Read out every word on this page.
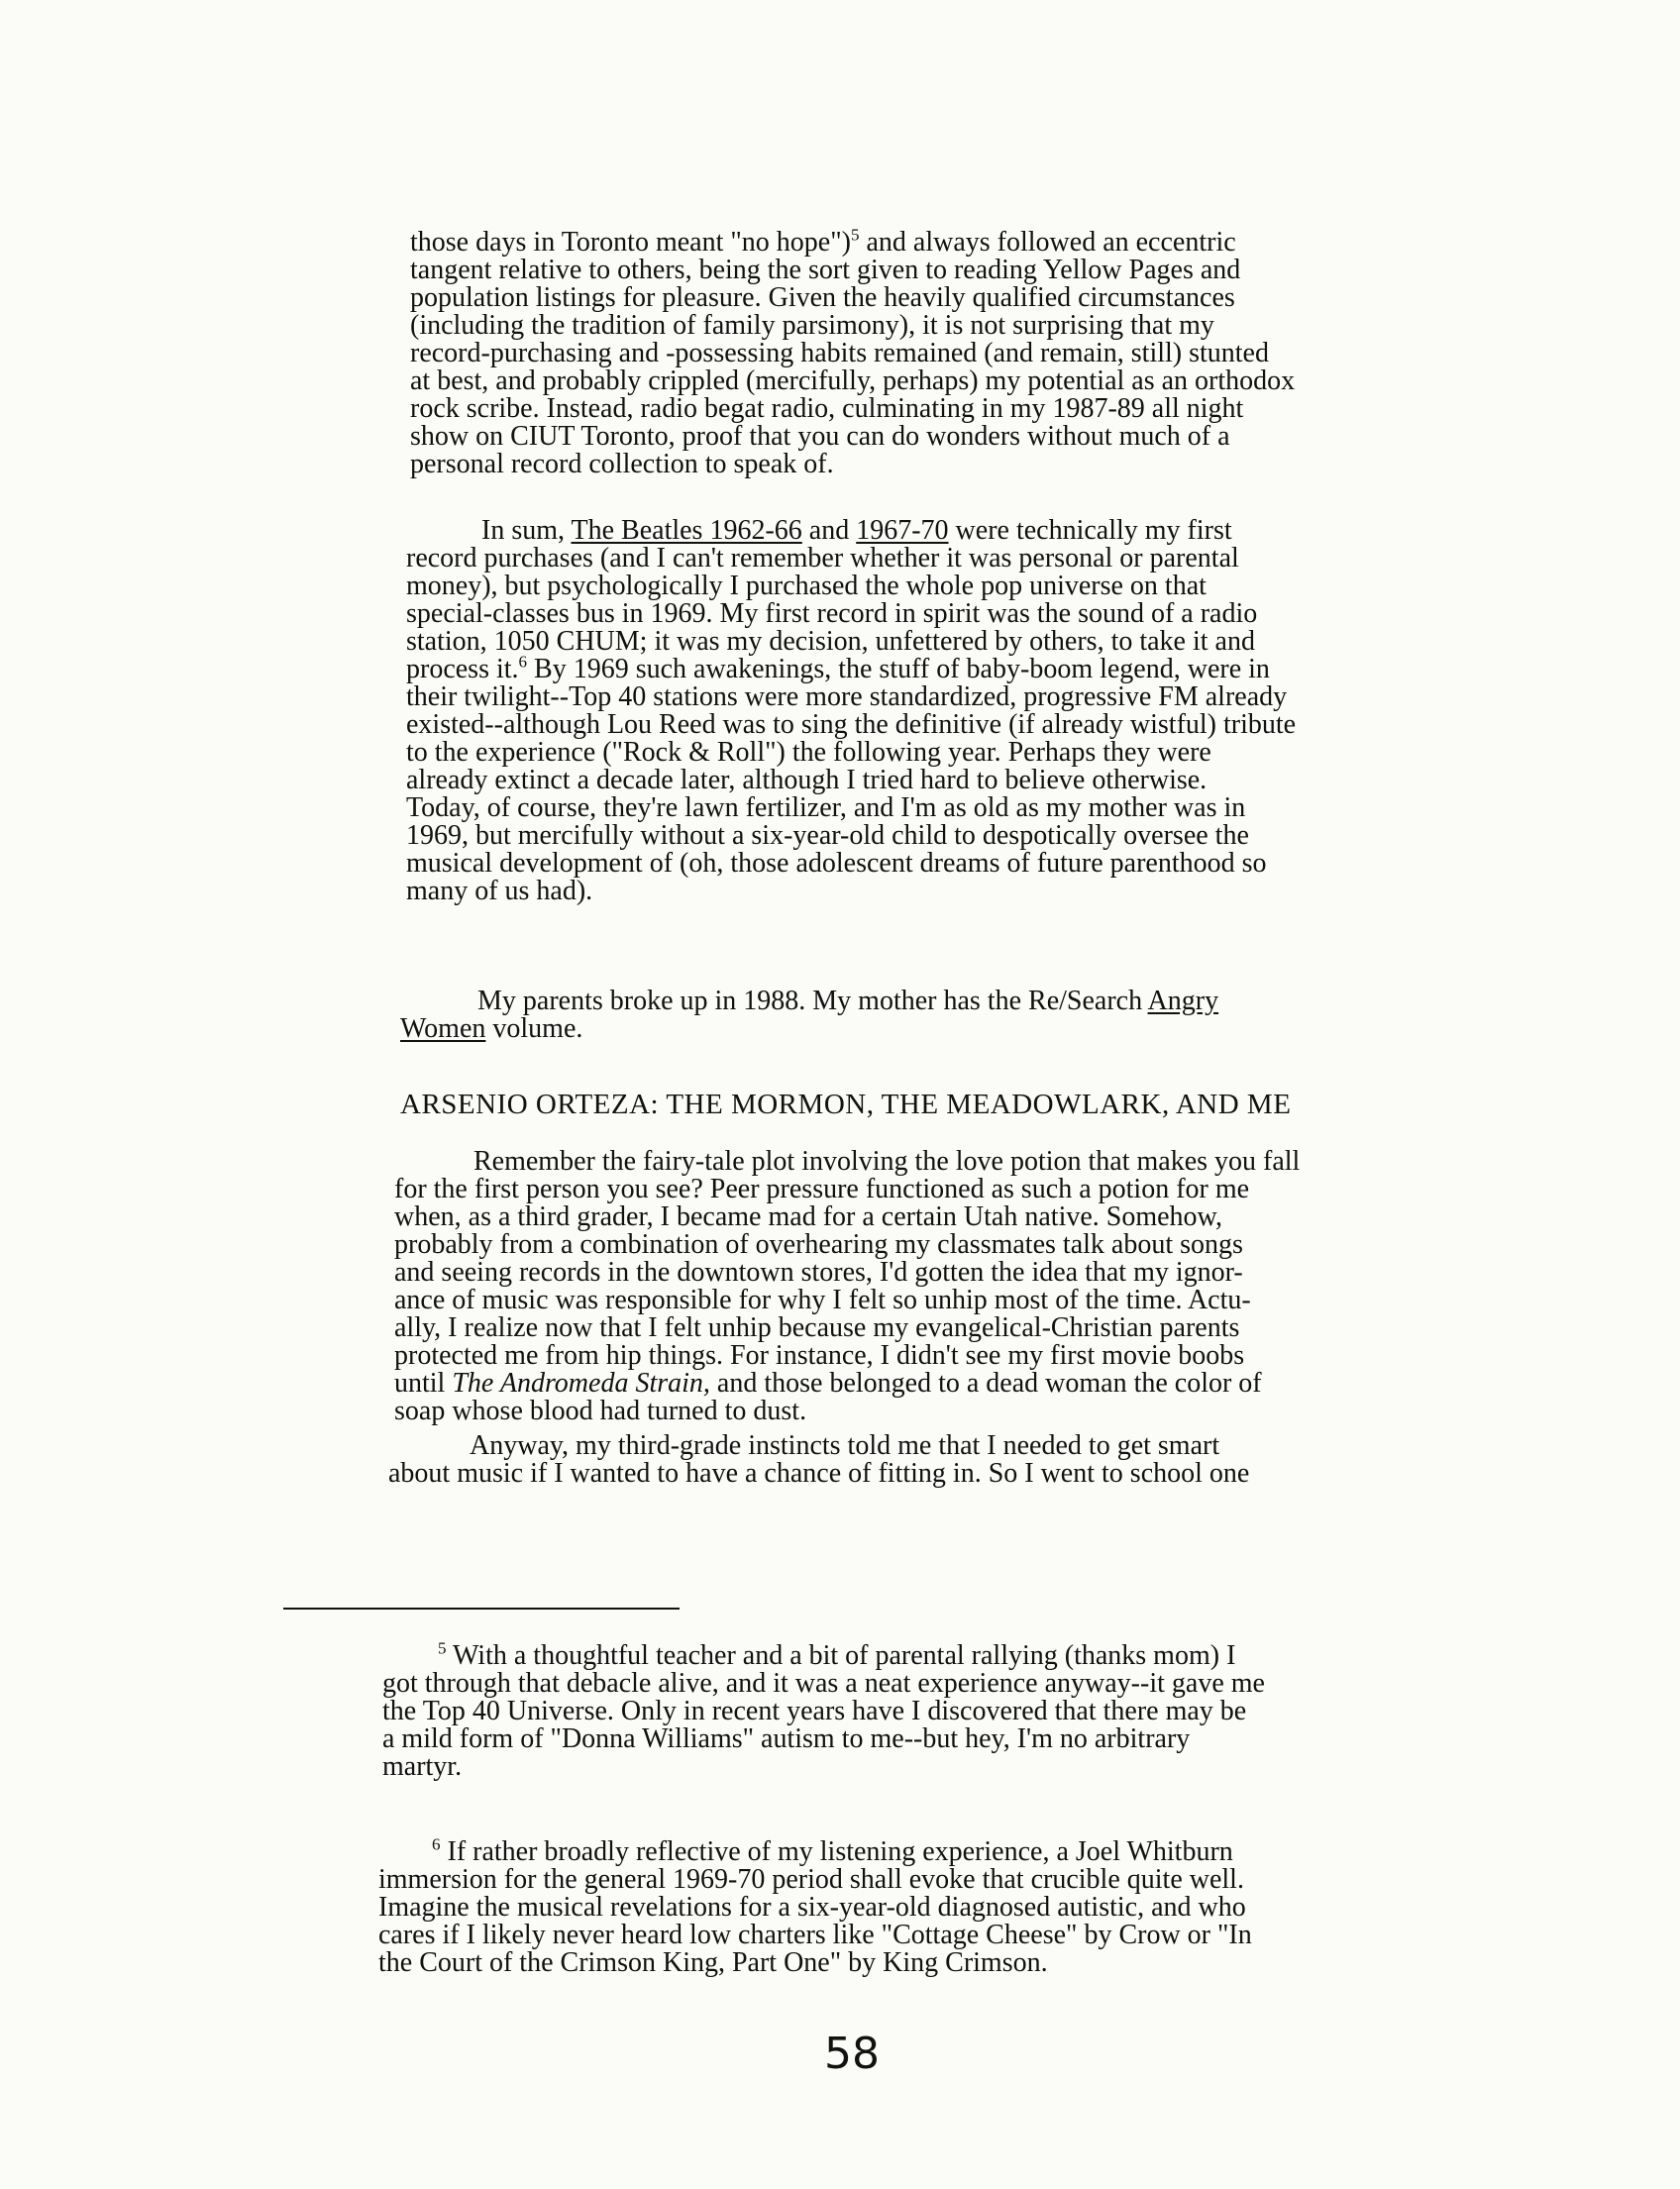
those days in Toronto meant "no hope")$^5$ and always followed an eccentric
tangent relative to others, being the sort given to reading Yellow Pages and
population listings for pleasure. Given the heavily qualified circumstances
(including the tradition of family parsimony), it is not surprising that my
record-purchasing and -possessing habits remained (and remain, still) stunted
at best, and probably crippled (mercifully, perhaps) my potential as an orthodox
rock scribe. Instead, radio begat radio, culminating in my 1987-89 all night
show on CIUT Toronto, proof that you can do wonders without much of a
personal record collection to speak of.
In sum, The Beatles 1962-66 and 1967-70 were technically my first
record purchases (and I can't remember whether it was personal or parental
money), but psychologically I purchased the whole pop universe on that
special-classes bus in 1969. My first record in spirit was the sound of a radio
station, 1050 CHUM; it was my decision, unfettered by others, to take it and
process it.$^6$ By 1969 such awakenings, the stuff of baby-boom legend, were in
their twilight--Top 40 stations were more standardized, progressive FM already
existed--although Lou Reed was to sing the definitive (if already wistful) tribute
to the experience ("Rock & Roll") the following year. Perhaps they were
already extinct a decade later, although I tried hard to believe otherwise.
Today, of course, they're lawn fertilizer, and I'm as old as my mother was in
1969, but mercifully without a six-year-old child to despotically oversee the
musical development of (oh, those adolescent dreams of future parenthood so
many of us had).
My parents broke up in 1988. My mother has the Re/Search Angry
Women volume.
ARSENIO ORTEZA: THE MORMON, THE MEADOWLARK, AND ME
Remember the fairy-tale plot involving the love potion that makes you fall
for the first person you see? Peer pressure functioned as such a potion for me
when, as a third grader, I became mad for a certain Utah native. Somehow,
probably from a combination of overhearing my classmates talk about songs
and seeing records in the downtown stores, I'd gotten the idea that my ignor-
ance of music was responsible for why I felt so unhip most of the time. Actu-
ally, I realize now that I felt unhip because my evangelical-Christian parents
protected me from hip things. For instance, I didn't see my first movie boobs
until The Andromeda Strain, and those belonged to a dead woman the color of
soap whose blood had turned to dust.
Anyway, my third-grade instincts told me that I needed to get smart
about music if I wanted to have a chance of fitting in. So I went to school one
$^5$ With a thoughtful teacher and a bit of parental rallying (thanks mom) I
got through that debacle alive, and it was a neat experience anyway--it gave me
the Top 40 Universe. Only in recent years have I discovered that there may be
a mild form of "Donna Williams" autism to me--but hey, I'm no arbitrary
martyr.
$^6$ If rather broadly reflective of my listening experience, a Joel Whitburn
immersion for the general 1969-70 period shall evoke that crucible quite well.
Imagine the musical revelations for a six-year-old diagnosed autistic, and who
cares if I likely never heard low charters like "Cottage Cheese" by Crow or "In
the Court of the Crimson King, Part One" by King Crimson.
58
